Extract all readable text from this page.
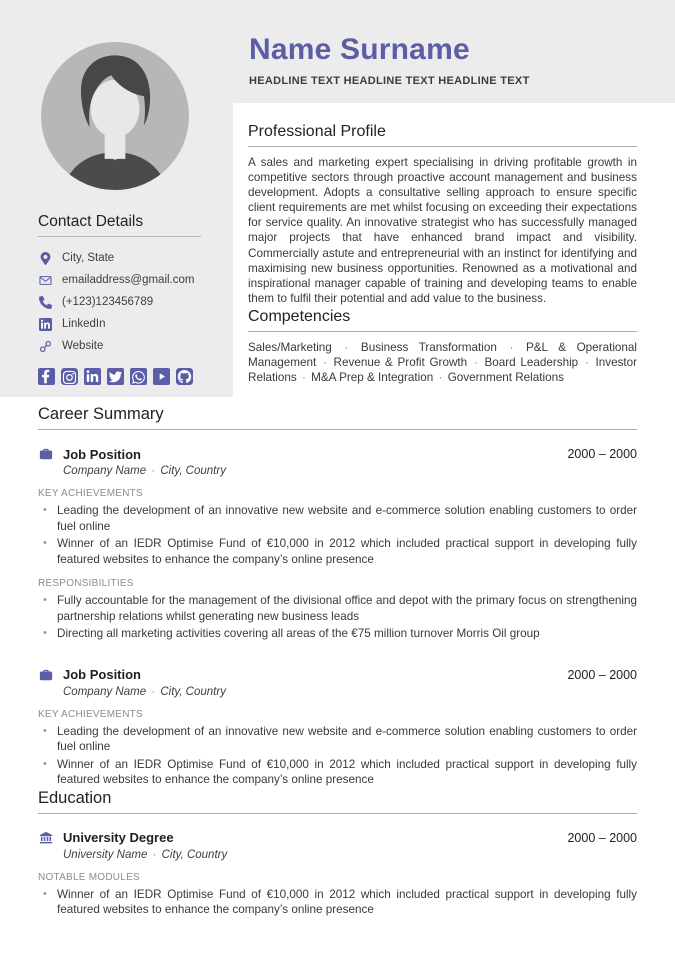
Name Surname
HEADLINE TEXT HEADLINE TEXT HEADLINE TEXT
Contact Details
City, State
emailaddress@gmail.com
(+123)123456789
LinkedIn
Website
Professional Profile

A sales and marketing expert specialising in driving profitable growth in competitive sectors through proactive account management and business development. Adopts a consultative selling approach to ensure specific client requirements are met whilst focusing on exceeding their expectations for service quality. An innovative strategist who has successfully managed major projects that have enhanced brand impact and visibility. Commercially astute and entrepreneurial with an instinct for identifying and maximising new business opportunities. Renowned as a motivational and inspirational manager capable of training and developing teams to enable them to fulfil their potential and add value to the business.

Competencies

Sales/Marketing · Business Transformation · P&L & Operational Management · Revenue & Profit Growth · Board Leadership · Investor Relations · M&A Prep & Integration · Government Relations

Career Summary
Job Position	2000 – 2000
Company Name · City, Country
KEY ACHIEVEMENTS
• Leading the development of an innovative new website and e-commerce solution enabling customers to order fuel online
• Winner of an IEDR Optimise Fund of €10,000 in 2012 which included practical support in developing fully featured websites to enhance the company’s online presence
RESPONSIBILITIES
• Fully accountable for the management of the divisional office and depot with the primary focus on strengthening partnership relations whilst generating new business leads
• Directing all marketing activities covering all areas of the €75 million turnover Morris Oil group
Job Position	2000 – 2000
Company Name · City, Country
KEY ACHIEVEMENTS
• Leading the development of an innovative new website and e-commerce solution enabling customers to order fuel online
• Winner of an IEDR Optimise Fund of €10,000 in 2012 which included practical support in developing fully featured websites to enhance the company’s online presence
Education
University Degree	2000 – 2000
University Name · City, Country
NOTABLE MODULES
• Winner of an IEDR Optimise Fund of €10,000 in 2012 which included practical support in developing fully featured websites to enhance the company’s online presence
